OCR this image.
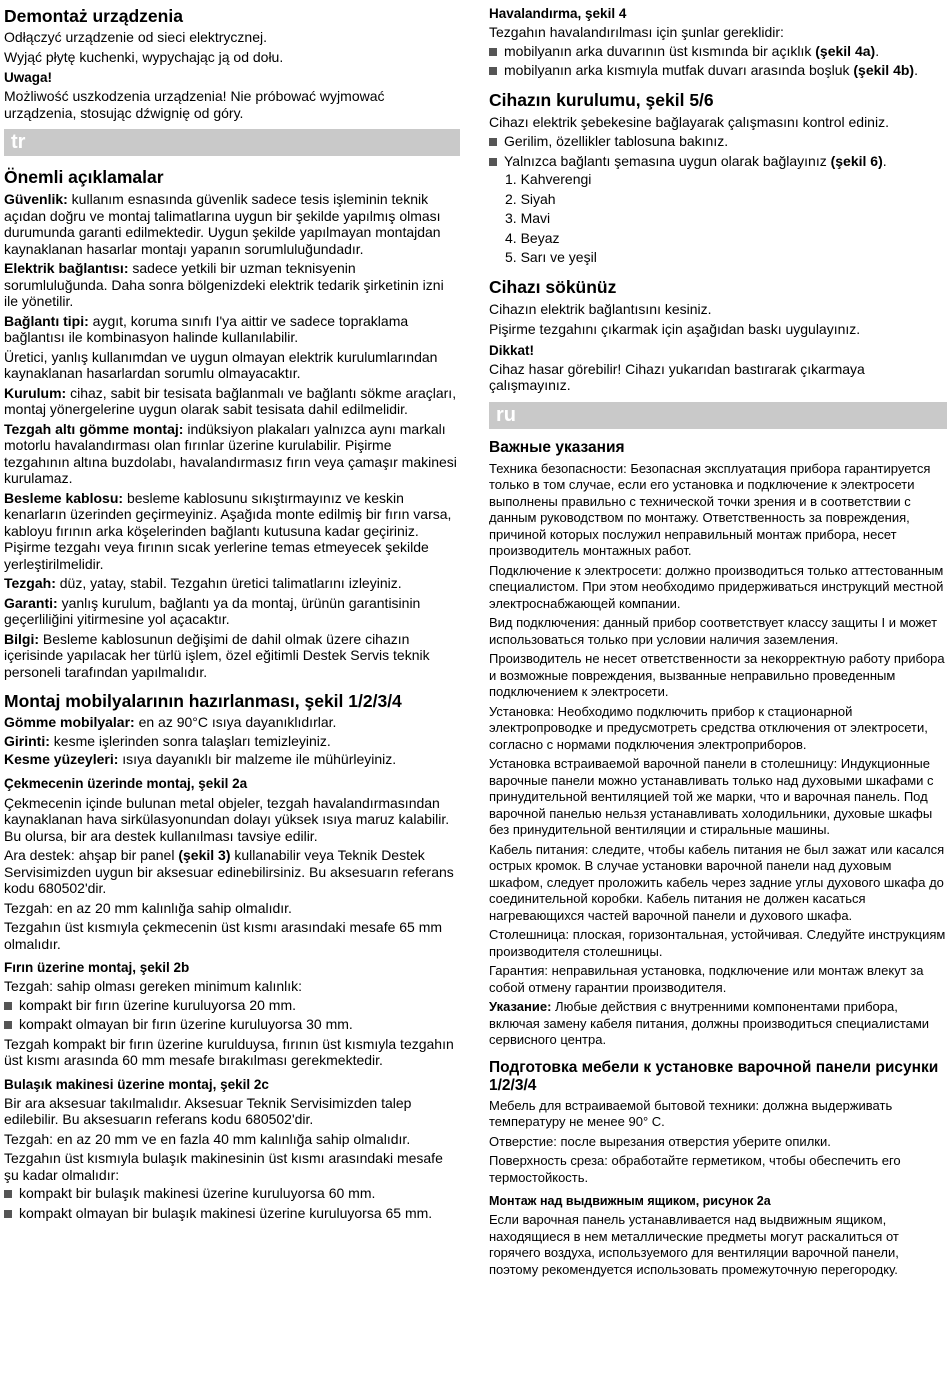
Demontaż urządzenia

Odłączyć urządzenie od sieci elektrycznej.

Wyjąć płytę kuchenki, wypychając ją od dołu.

Uwaga!

Możliwość uszkodzenia urządzenia! Nie próbować wyjmować urządzenia, stosując dźwignię od góry.

tr
Önemli açıklamalar

Güvenlik: kullanım esnasında güvenlik sadece tesis işleminin teknik açıdan doğru ve montaj talimatlarına uygun bir şekilde yapılmış olması durumunda garanti edilmektedir. Uygun şekilde yapılmayan montajdan kaynaklanan hasarlar montajı yapanın sorumluluğundadır.

Elektrik bağlantısı: sadece yetkili bir uzman teknisyenin sorumluluğunda. Daha sonra bölgenizdeki elektrik tedarik şirketinin izni ile yönetilir.

Bağlantı tipi: aygıt, koruma sınıfı I'ya aittir ve sadece topraklama bağlantısı ile kombinasyon halinde kullanılabilir.

Üretici, yanlış kullanımdan ve uygun olmayan elektrik kurulumlarından kaynaklanan hasarlardan sorumlu olmayacaktır.

Kurulum: cihaz, sabit bir tesisata bağlanmalı ve bağlantı sökme araçları, montaj yönergelerine uygun olarak sabit tesisata dahil edilmelidir.

Tezgah altı gömme montaj: indüksiyon plakaları yalnızca aynı markalı motorlu havalandırması olan fırınlar üzerine kurulabilir. Pişirme tezgahının altına buzdolabı, havalandırmasız fırın veya çamaşır makinesi kurulamaz.

Besleme kablosu: besleme kablosunu sıkıştırmayınız ve keskin kenarların üzerinden geçirmeyiniz. Aşağıda monte edilmiş bir fırın varsa, kabloyu fırının arka köşelerinden bağlantı kutusuna kadar geçiriniz. Pişirme tezgahı veya fırının sıcak yerlerine temas etmeyecek şekilde yerleştirilmelidir.

Tezgah: düz, yatay, stabil. Tezgahın üretici talimatlarını izleyiniz.

Garanti: yanlış kurulum, bağlantı ya da montaj, ürünün garantisinin geçerliliğini yitirmesine yol açacaktır.

Bilgi: Besleme kablosunun değişimi de dahil olmak üzere cihazın içerisinde yapılacak her türlü işlem, özel eğitimli Destek Servis teknik personeli tarafından yapılmalıdır.

Montaj mobilyalarının hazırlanması, şekil 1/2/3/4

Gömme mobilyalar: en az 90°C ısıya dayanıklıdırlar.

Girinti: kesme işlerinden sonra talaşları temizleyiniz.

Kesme yüzeyleri: ısıya dayanıklı bir malzeme ile mühürleyiniz.

Çekmecenin üzerinde montaj, şekil 2a

Çekmecenin içinde bulunan metal objeler, tezgah havalandırmasından kaynaklanan hava sirkülasyonundan dolayı yüksek ısıya maruz kalabilir. Bu olursa, bir ara destek kullanılması tavsiye edilir.

Ara destek: ahşap bir panel (şekil 3) kullanabilir veya Teknik Destek Servisimizden uygun bir aksesuar edinebilirsiniz. Bu aksesuarın referans kodu 680502'dir.

Tezgah: en az 20 mm kalınlığa sahip olmalıdır.

Tezgahın üst kısmıyla çekmecenin üst kısmı arasındaki mesafe 65 mm olmalıdır.

Fırın üzerine montaj, şekil 2b

Tezgah: sahip olması gereken minimum kalınlık:

kompakt bir fırın üzerine kuruluyorsa 20 mm.
kompakt olmayan bir fırın üzerine kuruluyorsa 30 mm.

Tezgah kompakt bir fırın üzerine kurulduysa, fırının üst kısmıyla tezgahın üst kısmı arasında 60 mm mesafe bırakılması gerekmektedir.

Bulaşık makinesi üzerine montaj, şekil 2c

Bir ara aksesuar takılmalıdır. Aksesuar Teknik Servisimizden talep edilebilir. Bu aksesuarın referans kodu 680502'dir.

Tezgah: en az 20 mm ve en fazla 40 mm kalınlığa sahip olmalıdır.

Tezgahın üst kısmıyla bulaşık makinesinin üst kısmı arasındaki mesafe şu kadar olmalıdır:

kompakt bir bulaşık makinesi üzerine kuruluyorsa 60 mm.
kompakt olmayan bir bulaşık makinesi üzerine kuruluyorsa 65 mm.
Havalandırma, şekil 4

Tezgahın havalandırılması için şunlar gereklidir:

mobilyanın arka duvarının üst kısmında bir açıklık (şekil 4a).
mobilyanın arka kısmıyla mutfak duvarı arasında boşluk (şekil 4b).
Cihazın kurulumu, şekil 5/6

Cihazı elektrik şebekesine bağlayarak çalışmasını kontrol ediniz.

Gerilim, özellikler tablosuna bakınız.
Yalnızca bağlantı şemasına uygun olarak bağlayınız (şekil 6).
1. Kahverengi
2. Siyah
3. Mavi
4. Beyaz
5. Sarı ve yeşil
Cihazı sökünüz

Cihazın elektrik bağlantısını kesiniz.

Pişirme tezgahını çıkarmak için aşağıdan baskı uygulayınız.

Dikkat!

Cihaz hasar görebilir! Cihazı yukarıdan bastırarak çıkarmaya çalışmayınız.

ru
Важные указания

Техника безопасности: Безопасная эксплуатация прибора гарантируется только в том случае, если его установка и подключение к электросети выполнены правильно с технической точки зрения и в соответствии с данным руководством по монтажу. Ответственность за повреждения, причиной которых послужил неправильный монтаж прибора, несет производитель монтажных работ.

Подключение к электросети: должно производиться только аттестованным специалистом. При этом необходимо придерживаться инструкций местной электроснабжающей компании.

Вид подключения: данный прибор соответствует классу защиты I и может использоваться только при условии наличия заземления.

Производитель не несет ответственности за некорректную работу прибора и возможные повреждения, вызванные неправильно проведенным подключением к электросети.

Установка: Необходимо подключить прибор к стационарной электропроводке и предусмотреть средства отключения от электросети, согласно с нормами подключения электроприборов.

Установка встраиваемой варочной панели в столешницу: Индукционные варочные панели можно устанавливать только над духовыми шкафами с принудительной вентиляцией той же марки, что и варочная панель. Под варочной панелью нельзя устанавливать холодильники, духовые шкафы без принудительной вентиляции и стиральные машины.

Кабель питания: следите, чтобы кабель питания не был зажат или касался острых кромок. В случае установки варочной панели над духовым шкафом, следует проложить кабель через задние углы духового шкафа до соединительной коробки. Кабель питания не должен касаться нагревающихся частей варочной панели и духового шкафа.

Столешница: плоская, горизонтальная, устойчивая. Следуйте инструкциям производителя столешницы.

Гарантия: неправильная установка, подключение или монтаж влекут за собой отмену гарантии производителя.

Указание: Любые действия с внутренними компонентами прибора, включая замену кабеля питания, должны производиться специалистами сервисного центра.

Подготовка мебели к установке варочной панели рисунки 1/2/3/4

Мебель для встраиваемой бытовой техники: должна выдерживать температуру не менее 90° C.

Отверстие: после вырезания отверстия уберите опилки.

Поверхность среза: обработайте герметиком, чтобы обеспечить его термостойкость.

Монтаж над выдвижным ящиком, рисунок 2a

Если варочная панель устанавливается над выдвижным ящиком, находящиеся в нем металлические предметы могут раскалиться от горячего воздуха, используемого для вентиляции варочной панели, поэтому рекомендуется использовать промежуточную перегородку.
